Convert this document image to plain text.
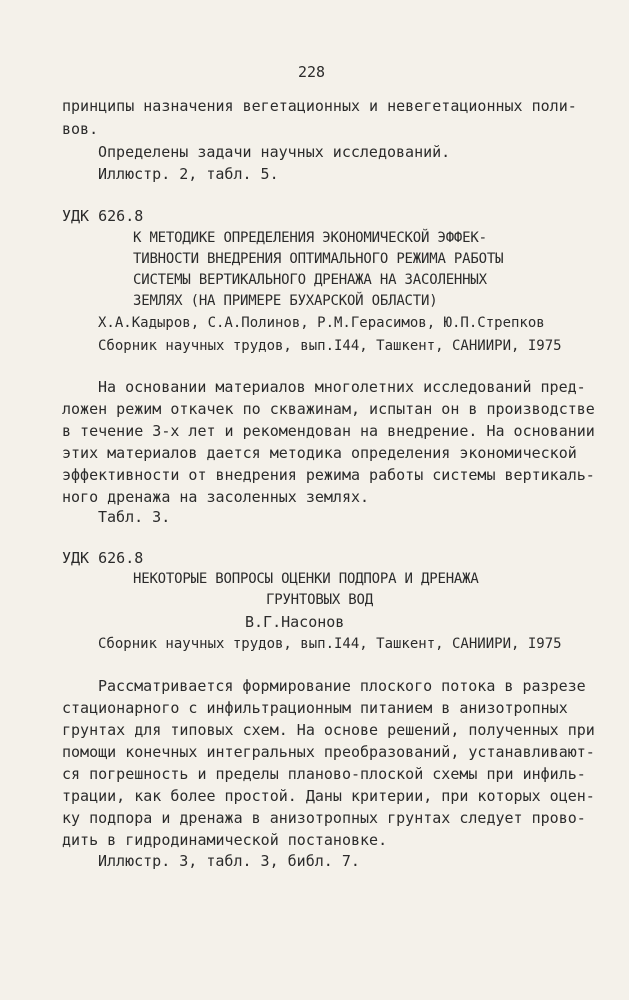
228
принципы назначения вегетационных и невегетационных поли-
вов.
Определены задачи научных исследований.
Иллюстр. 2, табл. 5.
УДК 626.8
К МЕТОДИКЕ ОПРЕДЕЛЕНИЯ ЭКОНОМИЧЕСКОЙ ЭФФЕК-
ТИВНОСТИ ВНЕДРЕНИЯ ОПТИМАЛЬНОГО РЕЖИМА РАБОТЫ
СИСТЕМЫ ВЕРТИКАЛЬНОГО ДРЕНАЖА НА ЗАСОЛЕННЫХ
ЗЕМЛЯХ (НА ПРИМЕРЕ БУХАРСКОЙ ОБЛАСТИ)
Х.А.Кадыров, С.А.Полинов, Р.М.Герасимов, Ю.П.Стрепков
Сборник научных трудов, вып.I44, Ташкент, САНИИРИ, I975
На основании материалов многолетних исследований пред-
ложен режим откачек по скважинам, испытан он в производстве
в течение 3-х лет и рекомендован на внедрение. На основании
этих материалов дается методика определения экономической
эффективности от внедрения режима работы системы вертикаль-
ного дренажа на засоленных землях.
Табл. 3.
УДК 626.8
НЕКОТОРЫЕ ВОПРОСЫ ОЦЕНКИ ПОДПОРА И ДРЕНАЖА
ГРУНТОВЫХ ВОД
В.Г.Насонов
Сборник научных трудов, вып.I44, Ташкент, САНИИРИ, I975
Рассматривается формирование плоского потока в разрезе
стационарного с инфильтрационным питанием в анизотропных
грунтах для типовых схем. На основе решений, полученных при
помощи конечных интегральных преобразований, устанавливают-
ся погрешность и пределы планово-плоской схемы при инфиль-
трации, как более простой. Даны критерии, при которых оцен-
ку подпора и дренажа в анизотропных грунтах следует прово-
дить в гидродинамической постановке.
Иллюстр. 3, табл. 3, библ. 7.
